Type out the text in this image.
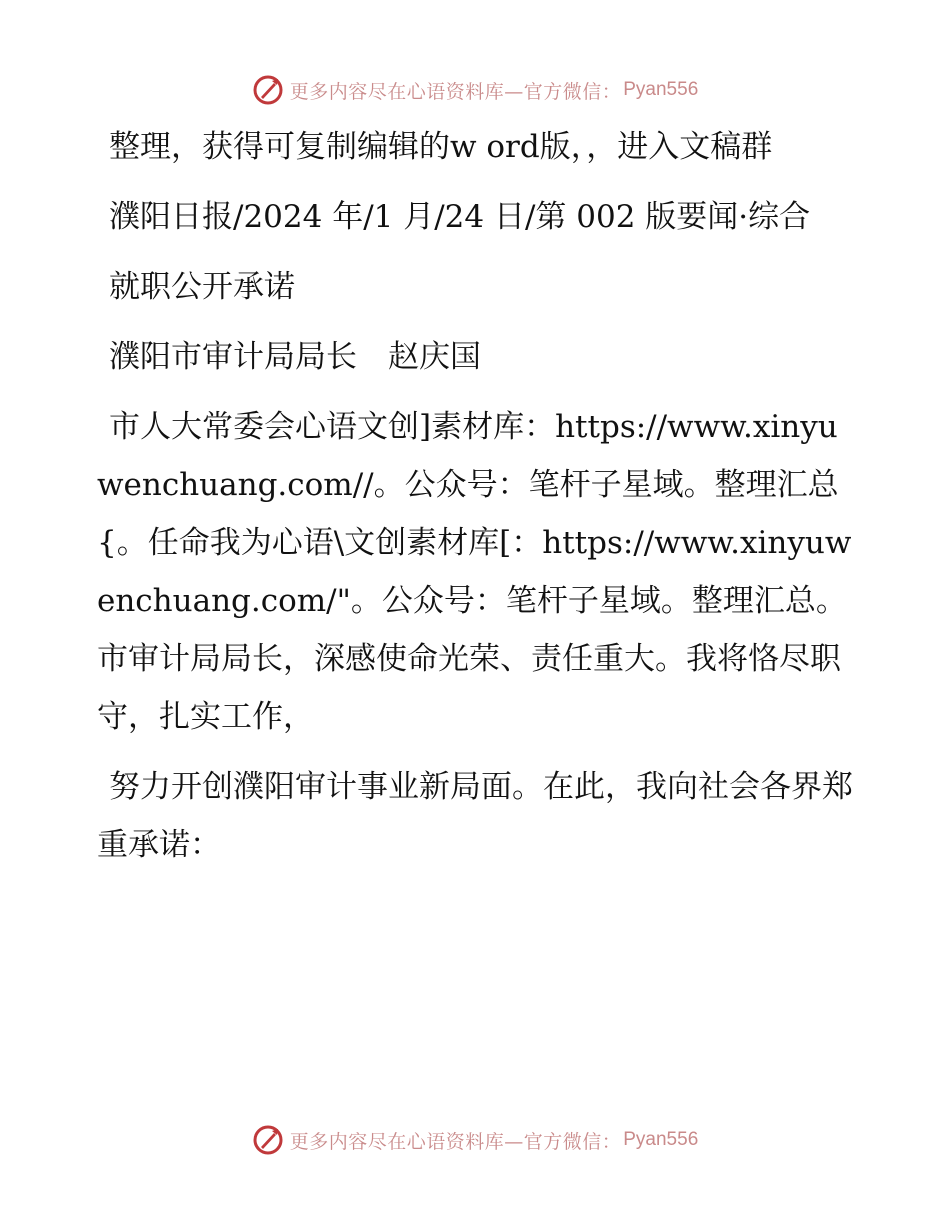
更多内容尽在心语资料库—官方微信： Pyan556

整理，获得可复制编辑的w ord版，，进入文稿群

濮阳日报/2024 年/1 月/24 日/第 002 版要闻·综合

就职公开承诺

濮阳市审计局局长　赵庆国

市人大常委会心语文创]素材库：https://www.xinyuwenchuang.com//。公众号：笔杆子星域。整理汇总{。任命我为心语\文创素材库[：https://www.xinyuwenchuang.com/"。公众号：笔杆子星域。整理汇总。市审计局局长，深感使命光荣、责任重大。我将恪尽职守，扎实工作，

努力开创濮阳审计事业新局面。在此，我向社会各界郑重承诺：

更多内容尽在心语资料库—官方微信： Pyan556
